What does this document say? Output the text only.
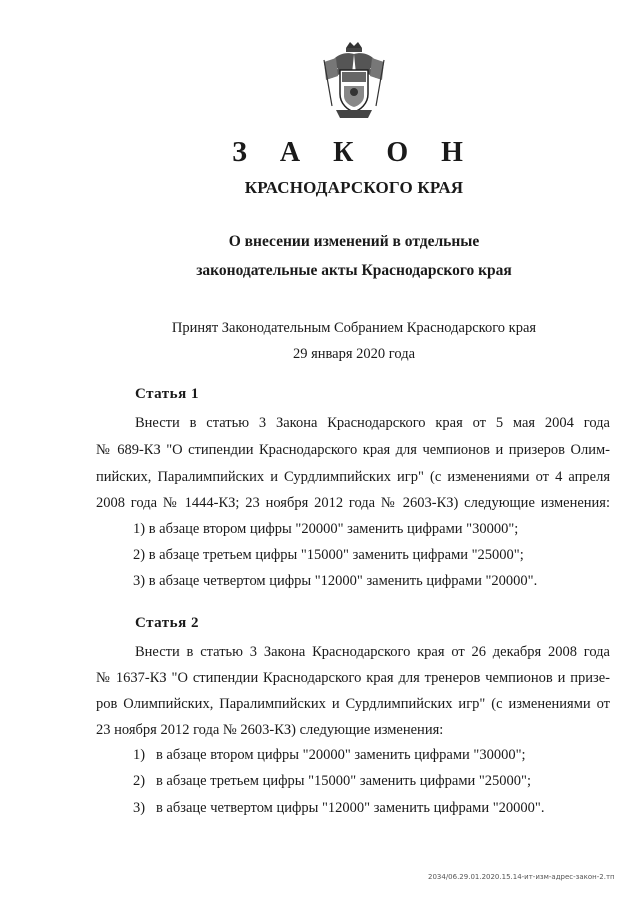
З А К О Н
КРАСНОДАРСКОГО КРАЯ
О внесении изменений в отдельные
законодательные акты Краснодарского края
Принят Законодательным Собранием Краснодарского края
29 января 2020 года
Статья 1
Внести в статью 3 Закона Краснодарского края от 5 мая 2004 года
№ 689-КЗ "О стипендии Краснодарского края для чемпионов и призеров Олим-
пийских, Паралимпийских и Сурдлимпийских игр" (с изменениями от 4 апреля
2008 года № 1444-КЗ; 23 ноября 2012 года № 2603-КЗ) следующие изменения:
1) в абзаце втором цифры "20000" заменить цифрами "30000";
2) в абзаце третьем цифры "15000" заменить цифрами "25000";
3) в абзаце четвертом цифры "12000" заменить цифрами "20000".
Статья 2
Внести в статью 3 Закона Краснодарского края от 26 декабря 2008 года
№ 1637-КЗ "О стипендии Краснодарского края для тренеров чемпионов и призе-
ров Олимпийских, Паралимпийских и Сурдлимпийских игр" (с изменениями от
23 ноября 2012 года № 2603-КЗ) следующие изменения:
1)   в абзаце втором цифры "20000" заменить цифрами "30000";
2)   в абзаце третьем цифры "15000" заменить цифрами "25000";
3)   в абзаце четвертом цифры "12000" заменить цифрами "20000".
2034/06.29.01.2020.15.14-ит-изм-адрес-закон-2.тп
